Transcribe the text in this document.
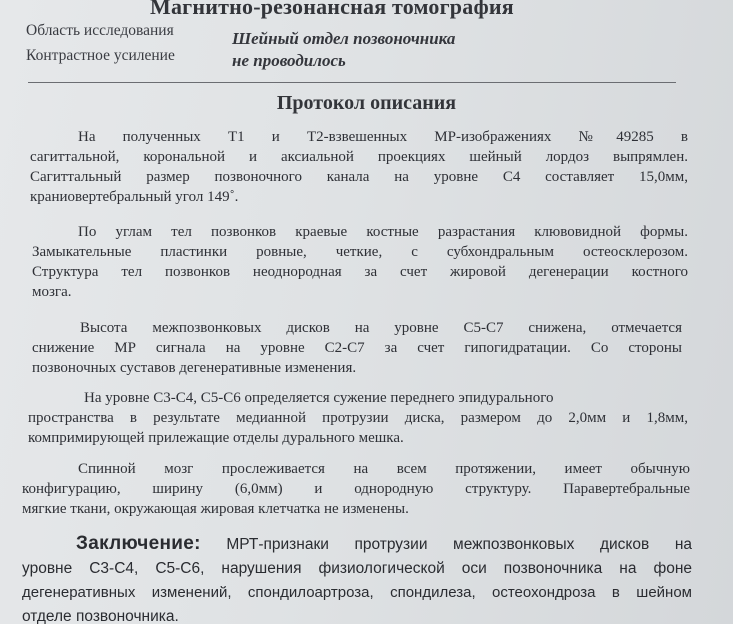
Магнитно-резонансная томография
Область исследования	Шейный отдел позвоночника
Контрастное усиление	не проводилось
Протокол описания
На полученных Т1 и Т2-взвешенных МР-изображениях №49285 в
сагиттальной, корональной и аксиальной проекциях шейный лордоз выпрямлен.
Сагиттальный размер позвоночного канала на уровне С4 составляет 15,0мм,
краниовертебральный угол 149˚.
По углам тел позвонков краевые костные разрастания клювовидной формы.
Замыкательные пластинки ровные, четкие, с субхондральным остеосклерозом.
Структура тел позвонков неоднородная за счет жировой дегенерации костного
мозга.
Высота межпозвонковых дисков на уровне С5-С7 снижена, отмечается
снижение МР сигнала на уровне С2-С7 за счет гипогидратации. Со стороны
позвоночных суставов дегенеративные изменения.
На уровне С3-С4, С5-С6 определяется сужение переднего эпидурального
пространства в результате медианной протрузии диска, размером до 2,0мм и 1,8мм,
компримирующей прилежащие отделы дурального мешка.
Спинной мозг прослеживается на всем протяжении, имеет обычную
конфигурацию, ширину (6,0мм) и однородную структуру. Паравертебральные
мягкие ткани, окружающая жировая клетчатка не изменены.
Заключение: МРТ-признаки протрузии межпозвонковых дисков на
уровне С3-С4, С5-С6, нарушения физиологической оси позвоночника на фоне
дегенеративных изменений, спондилоартроза, спондилеза, остеохондроза в шейном
отделе позвоночника.
